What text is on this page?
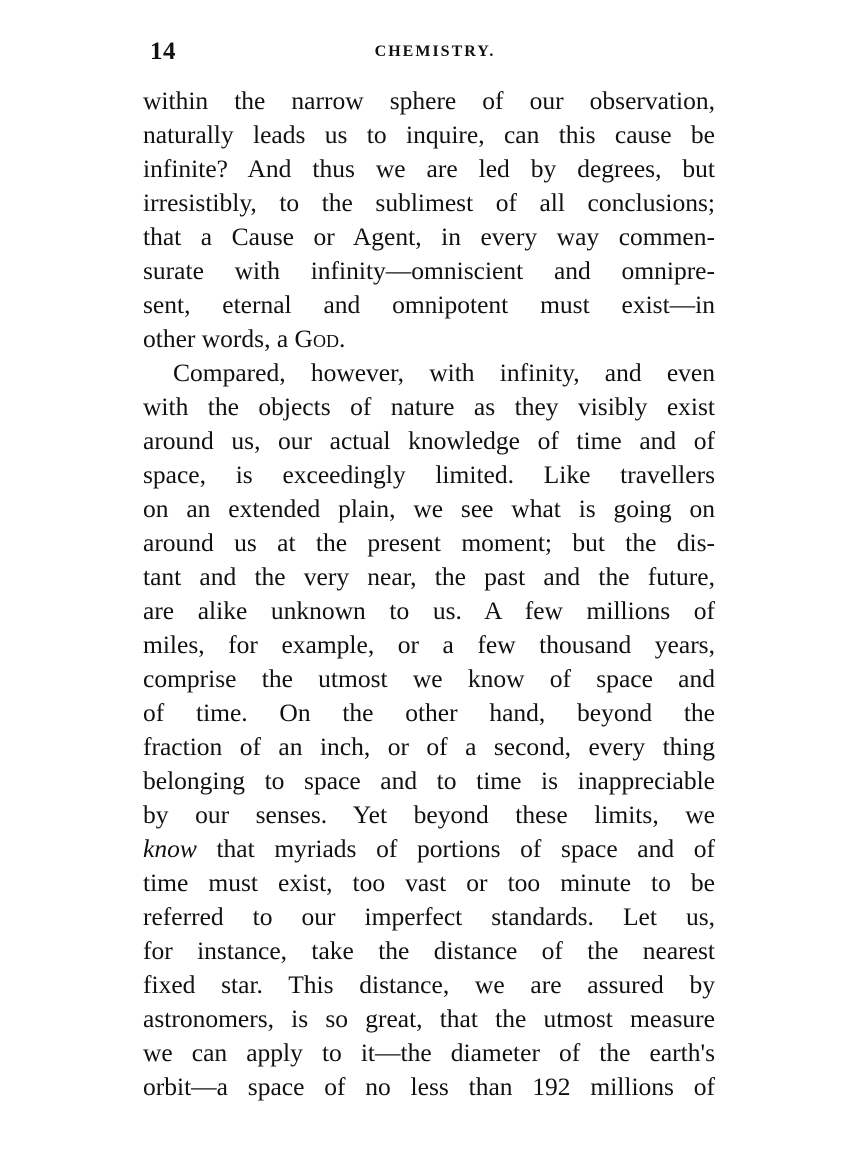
14	CHEMISTRY.
within the narrow sphere of our observation,
naturally leads us to inquire, can this cause be
infinite? And thus we are led by degrees, but
irresistibly, to the sublimest of all conclusions;
that a Cause or Agent, in every way commen-
surate with infinity—omniscient and omnipre-
sent, eternal and omnipotent must exist—in
other words, a God.
Compared, however, with infinity, and even
with the objects of nature as they visibly exist
around us, our actual knowledge of time and of
space, is exceedingly limited. Like travellers
on an extended plain, we see what is going on
around us at the present moment; but the dis-
tant and the very near, the past and the future,
are alike unknown to us. A few millions of
miles, for example, or a few thousand years,
comprise the utmost we know of space and
of time. On the other hand, beyond the
fraction of an inch, or of a second, every thing
belonging to space and to time is inappreciable
by our senses. Yet beyond these limits, we
know that myriads of portions of space and of
time must exist, too vast or too minute to be
referred to our imperfect standards. Let us,
for instance, take the distance of the nearest
fixed star. This distance, we are assured by
astronomers, is so great, that the utmost measure
we can apply to it—the diameter of the earth's
orbit—a space of no less than 192 millions of
